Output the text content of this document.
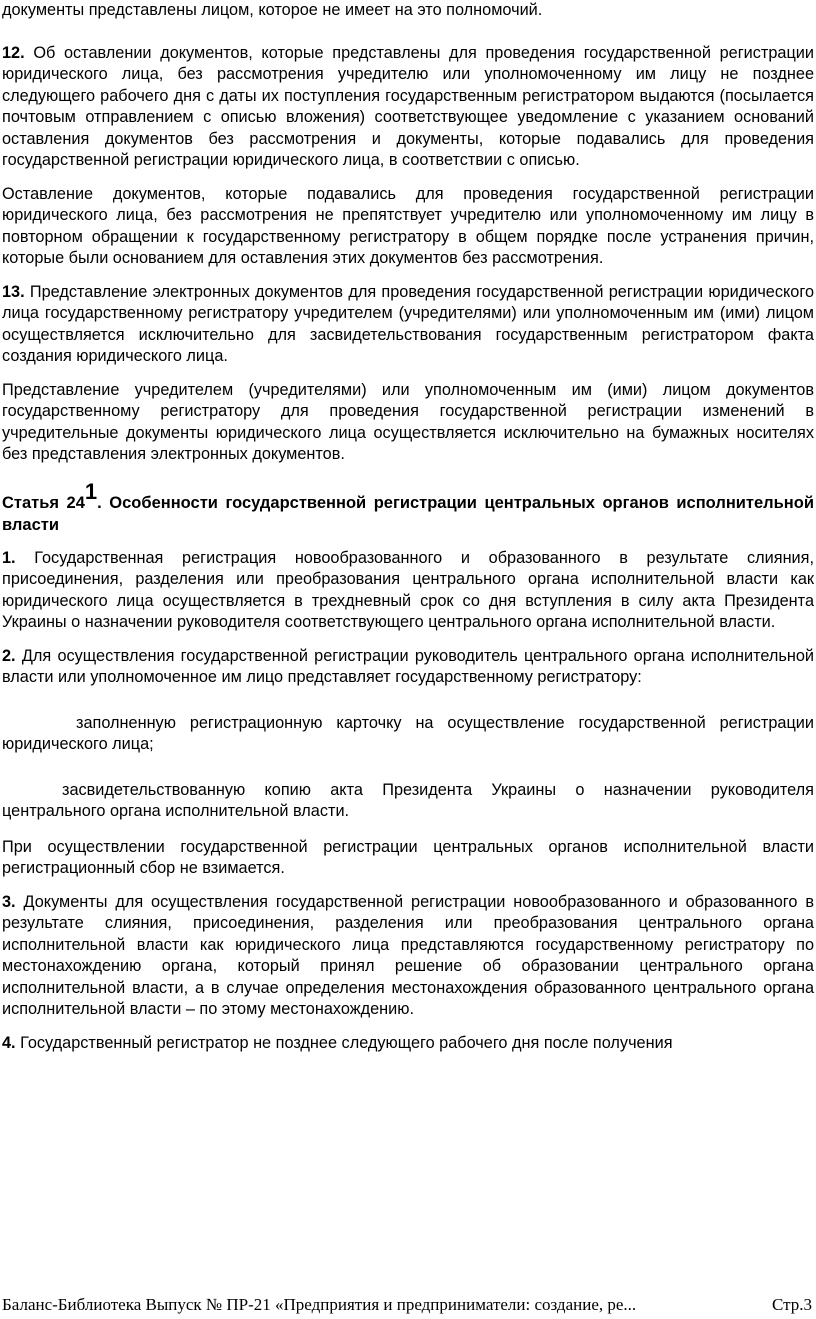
документы представлены лицом, которое не имеет на это полномочий.

12. Об оставлении документов, которые представлены для проведения государственной регистрации юридического лица, без рассмотрения учредителю или уполномоченному им лицу не позднее следующего рабочего дня с даты их поступления государственным регистратором выдаются (посылается почтовым отправлением с описью вложения) соответствующее уведомление с указанием оснований оставления документов без рассмотрения и документы, которые подавались для проведения государственной регистрации юридического лица, в соответствии с описью.

Оставление документов, которые подавались для проведения государственной регистрации юридического лица, без рассмотрения не препятствует учредителю или уполномоченному им лицу в повторном обращении к государственному регистратору в общем порядке после устранения причин, которые были основанием для оставления этих документов без рассмотрения.

13. Представление электронных документов для проведения государственной регистрации юридического лица государственному регистратору учредителем (учредителями) или уполномоченным им (ими) лицом осуществляется исключительно для засвидетельствования государственным регистратором факта создания юридического лица.

Представление учредителем (учредителями) или уполномоченным им (ими) лицом документов государственному регистратору для проведения государственной регистрации изменений в учредительные документы юридического лица осуществляется исключительно на бумажных носителях без представления электронных документов.

Статья $24^1$. Особенности государственной регистрации центральных органов исполнительной власти

1. Государственная регистрация новообразованного и образованного в результате слияния, присоединения, разделения или преобразования центрального органа исполнительной власти как юридического лица осуществляется в трехдневный срок со дня вступления в силу акта Президента Украины о назначении руководителя соответствующего центрального органа исполнительной власти.

2. Для осуществления государственной регистрации руководитель центрального органа исполнительной власти или уполномоченное им лицо представляет государственному регистратору:

заполненную регистрационную карточку на осуществление государственной регистрации юридического лица;

засвидетельствованную копию акта Президента Украины о назначении руководителя центрального органа исполнительной власти.

При осуществлении государственной регистрации центральных органов исполнительной власти регистрационный сбор не взимается.

3. Документы для осуществления государственной регистрации новообразованного и образованного в результате слияния, присоединения, разделения или преобразования центрального органа исполнительной власти как юридического лица представляются государственному регистратору по местонахождению органа, который принял решение об образовании центрального органа исполнительной власти, а в случае определения местонахождения образованного центрального органа исполнительной власти – по этому местонахождению.

4. Государственный регистратор не позднее следующего рабочего дня после получения

Баланс-Библиотека Выпуск № ПР-21 «Предприятия и предприниматели: создание, ре...	Стр.3
